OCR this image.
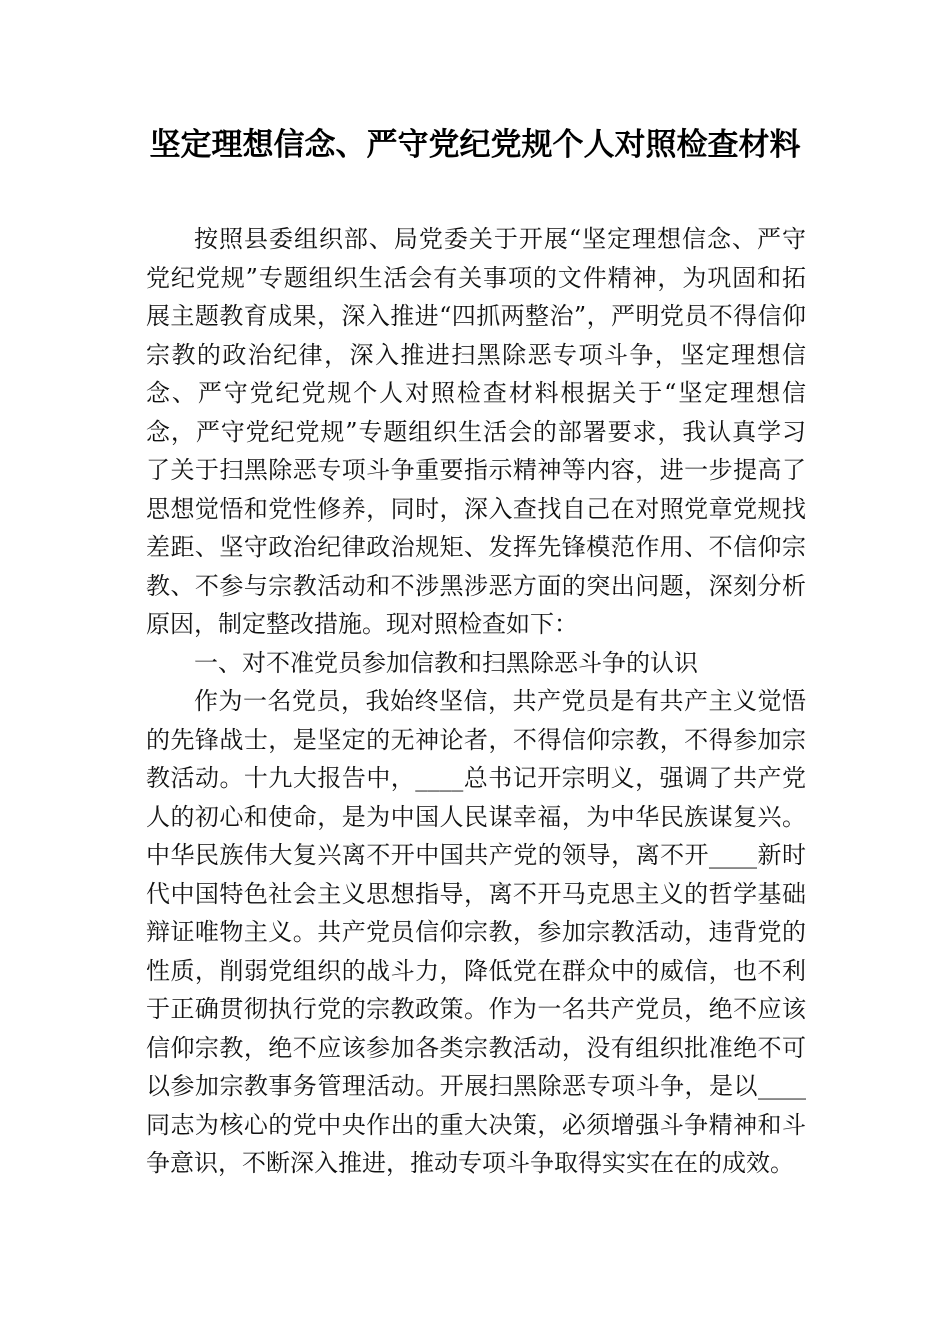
坚定理想信念、严守党纪党规个人对照检查材料

按照县委组织部、局党委关于开展“坚定理想信念、严守党纪党规”专题组织生活会有关事项的文件精神，为巩固和拓展主题教育成果，深入推进“四抓两整治”，严明党员不得信仰宗教的政治纪律，深入推进扫黑除恶专项斗争，坚定理想信念、严守党纪党规个人对照检查材料根据关于“坚定理想信念，严守党纪党规”专题组织生活会的部署要求，我认真学习了关于扫黑除恶专项斗争重要指示精神等内容，进一步提高了思想觉悟和党性修养，同时，深入查找自己在对照党章党规找差距、坚守政治纪律政治规矩、发挥先锋模范作用、不信仰宗教、不参与宗教活动和不涉黑涉恶方面的突出问题，深刻分析原因，制定整改措施。现对照检查如下：

一、对不准党员参加信教和扫黑除恶斗争的认识

作为一名党员，我始终坚信，共产党员是有共产主义觉悟的先锋战士，是坚定的无神论者，不得信仰宗教，不得参加宗教活动。十九大报告中，____总书记开宗明义，强调了共产党人的初心和使命，是为中国人民谋幸福，为中华民族谋复兴。中华民族伟大复兴离不开中国共产党的领导，离不开____新时代中国特色社会主义思想指导，离不开马克思主义的哲学基础辩证唯物主义。共产党员信仰宗教，参加宗教活动，违背党的性质，削弱党组织的战斗力，降低党在群众中的威信，也不利于正确贯彻执行党的宗教政策。作为一名共产党员，绝不应该信仰宗教，绝不应该参加各类宗教活动，没有组织批准绝不可以参加宗教事务管理活动。开展扫黑除恶专项斗争，是以____同志为核心的党中央作出的重大决策，必须增强斗争精神和斗争意识，不断深入推进，推动专项斗争取得实实在在的成效。
